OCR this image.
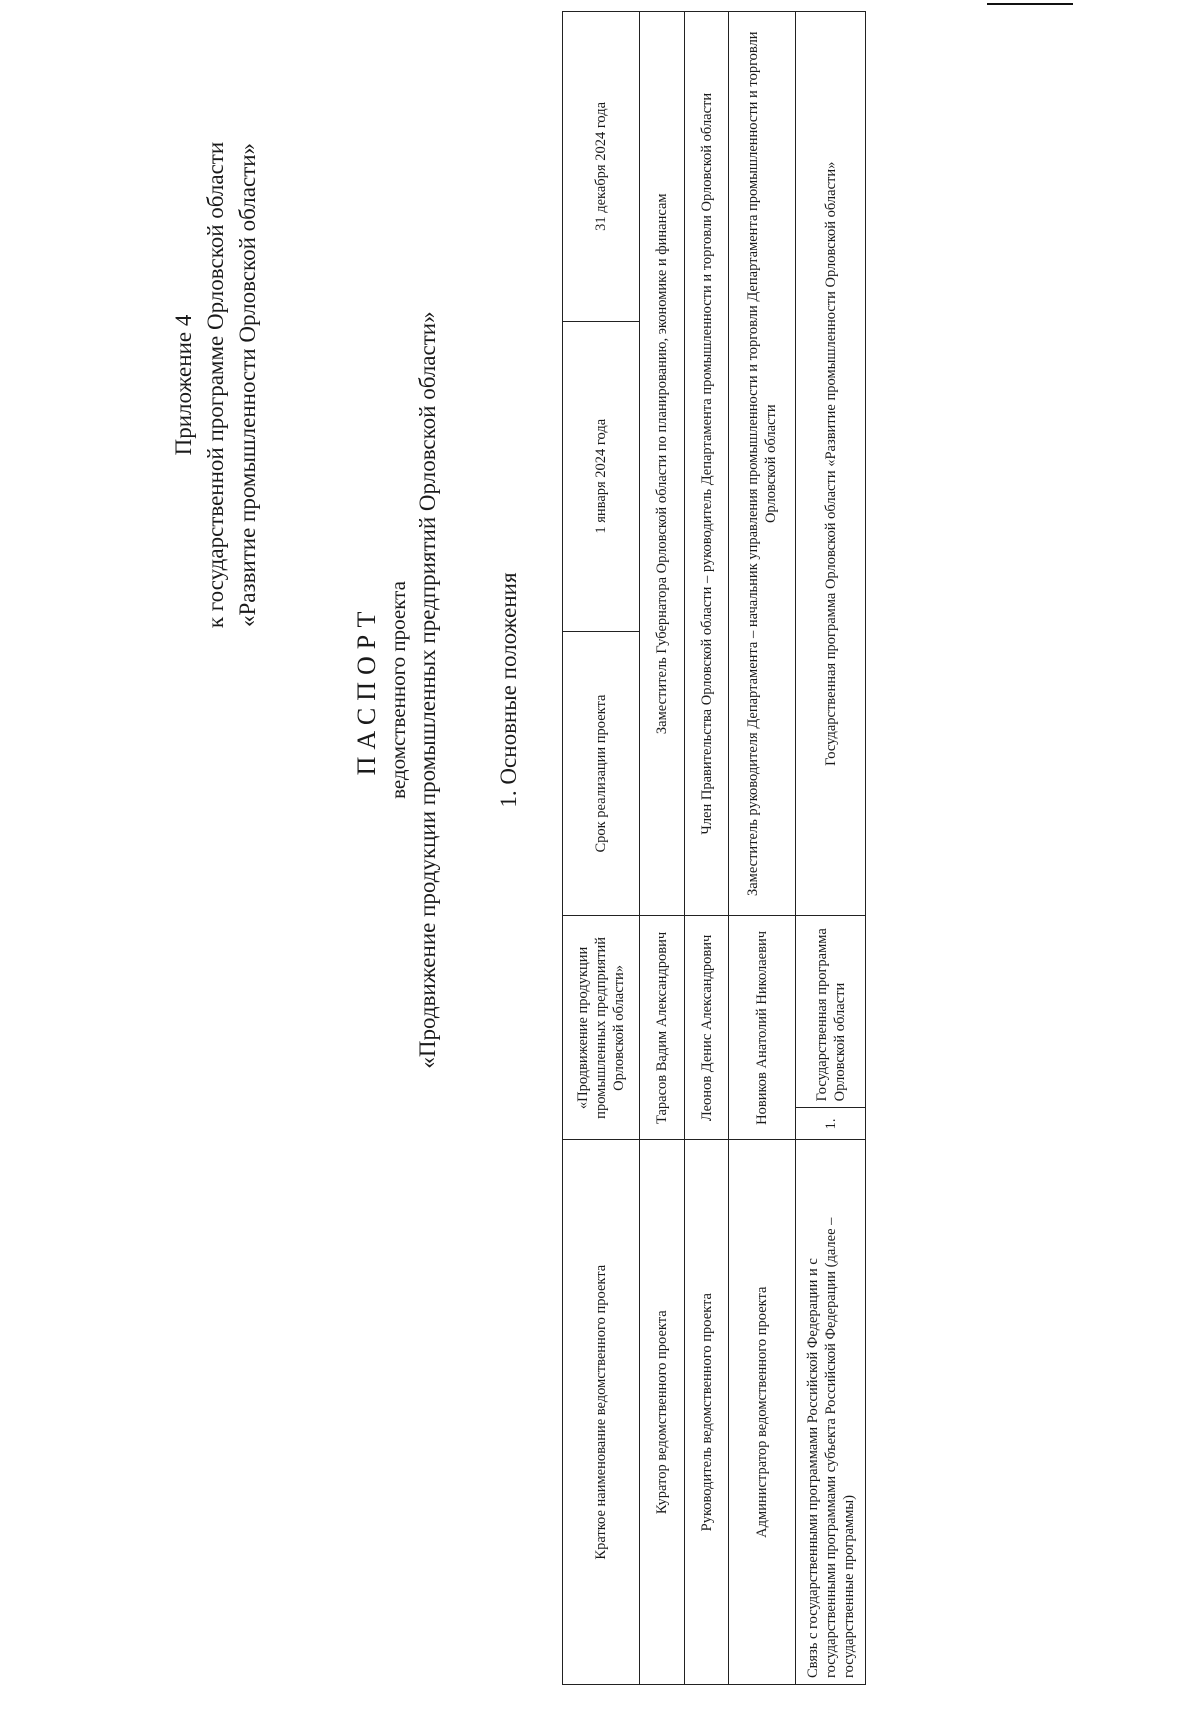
Приложение 4 к государственной программе Орловской области «Развитие промышленности Орловской области»
ПАСПОРТ ведомственного проекта «Продвижение продукции промышленных предприятий Орловской области» 1. Основные положения
Краткое наименование ведомственного проекта	«Продвижение продукции промышленных предприятий Орловской области»		Срок реализации проекта	1 января 2024 года	31 декабря 2024 года
Куратор ведомственного проекта	Тарасов Вадим Александрович		Заместитель Губернатора Орловской области по планированию, экономике и финансам		
Руководитель ведомственного проекта	Леонов Денис Александрович		Член Правительства Орловской области – руководитель Департамента промышленности и торговли Орловской области		
Администратор ведомственного проекта	Новиков Анатолий Николаевич		Заместитель руководителя Департамента – начальник управления промышленности и торговли Департамента промышленности и торговли Орловской области		
Связь с государственными программами Российской Федерации и с государственными программами субъекта Российской Федерации (далее – государственные программы)	1.	Государственная программа Орловской области	Государственная программа Орловской области «Развитие промышленности Орловской области»		
